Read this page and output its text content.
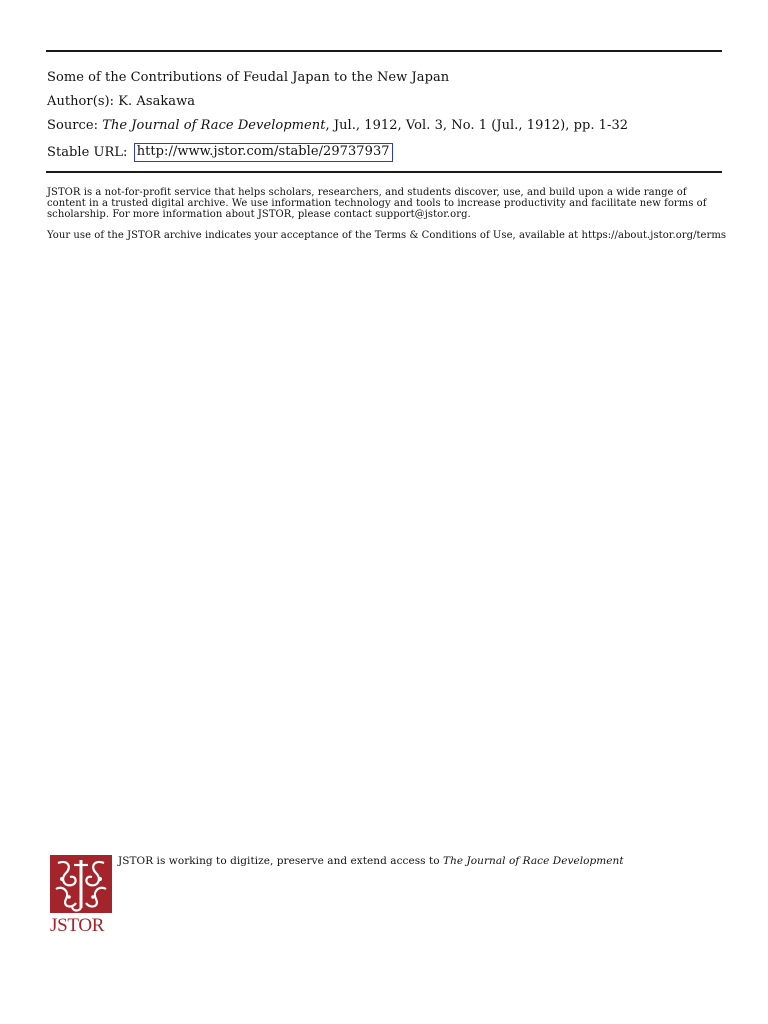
Some of the Contributions of Feudal Japan to the New Japan
Author(s): K. Asakawa
Source: The Journal of Race Development, Jul., 1912, Vol. 3, No. 1 (Jul., 1912), pp. 1-32
Stable URL: http://www.jstor.com/stable/29737937

JSTOR is a not-for-profit service that helps scholars, researchers, and students discover, use, and build upon a wide range of content in a trusted digital archive. We use information technology and tools to increase productivity and facilitate new forms of scholarship. For more information about JSTOR, please contact support@jstor.org.

Your use of the JSTOR archive indicates your acceptance of the Terms & Conditions of Use, available at https://about.jstor.org/terms

JSTOR
JSTOR is working to digitize, preserve and extend access to The Journal of Race Development
